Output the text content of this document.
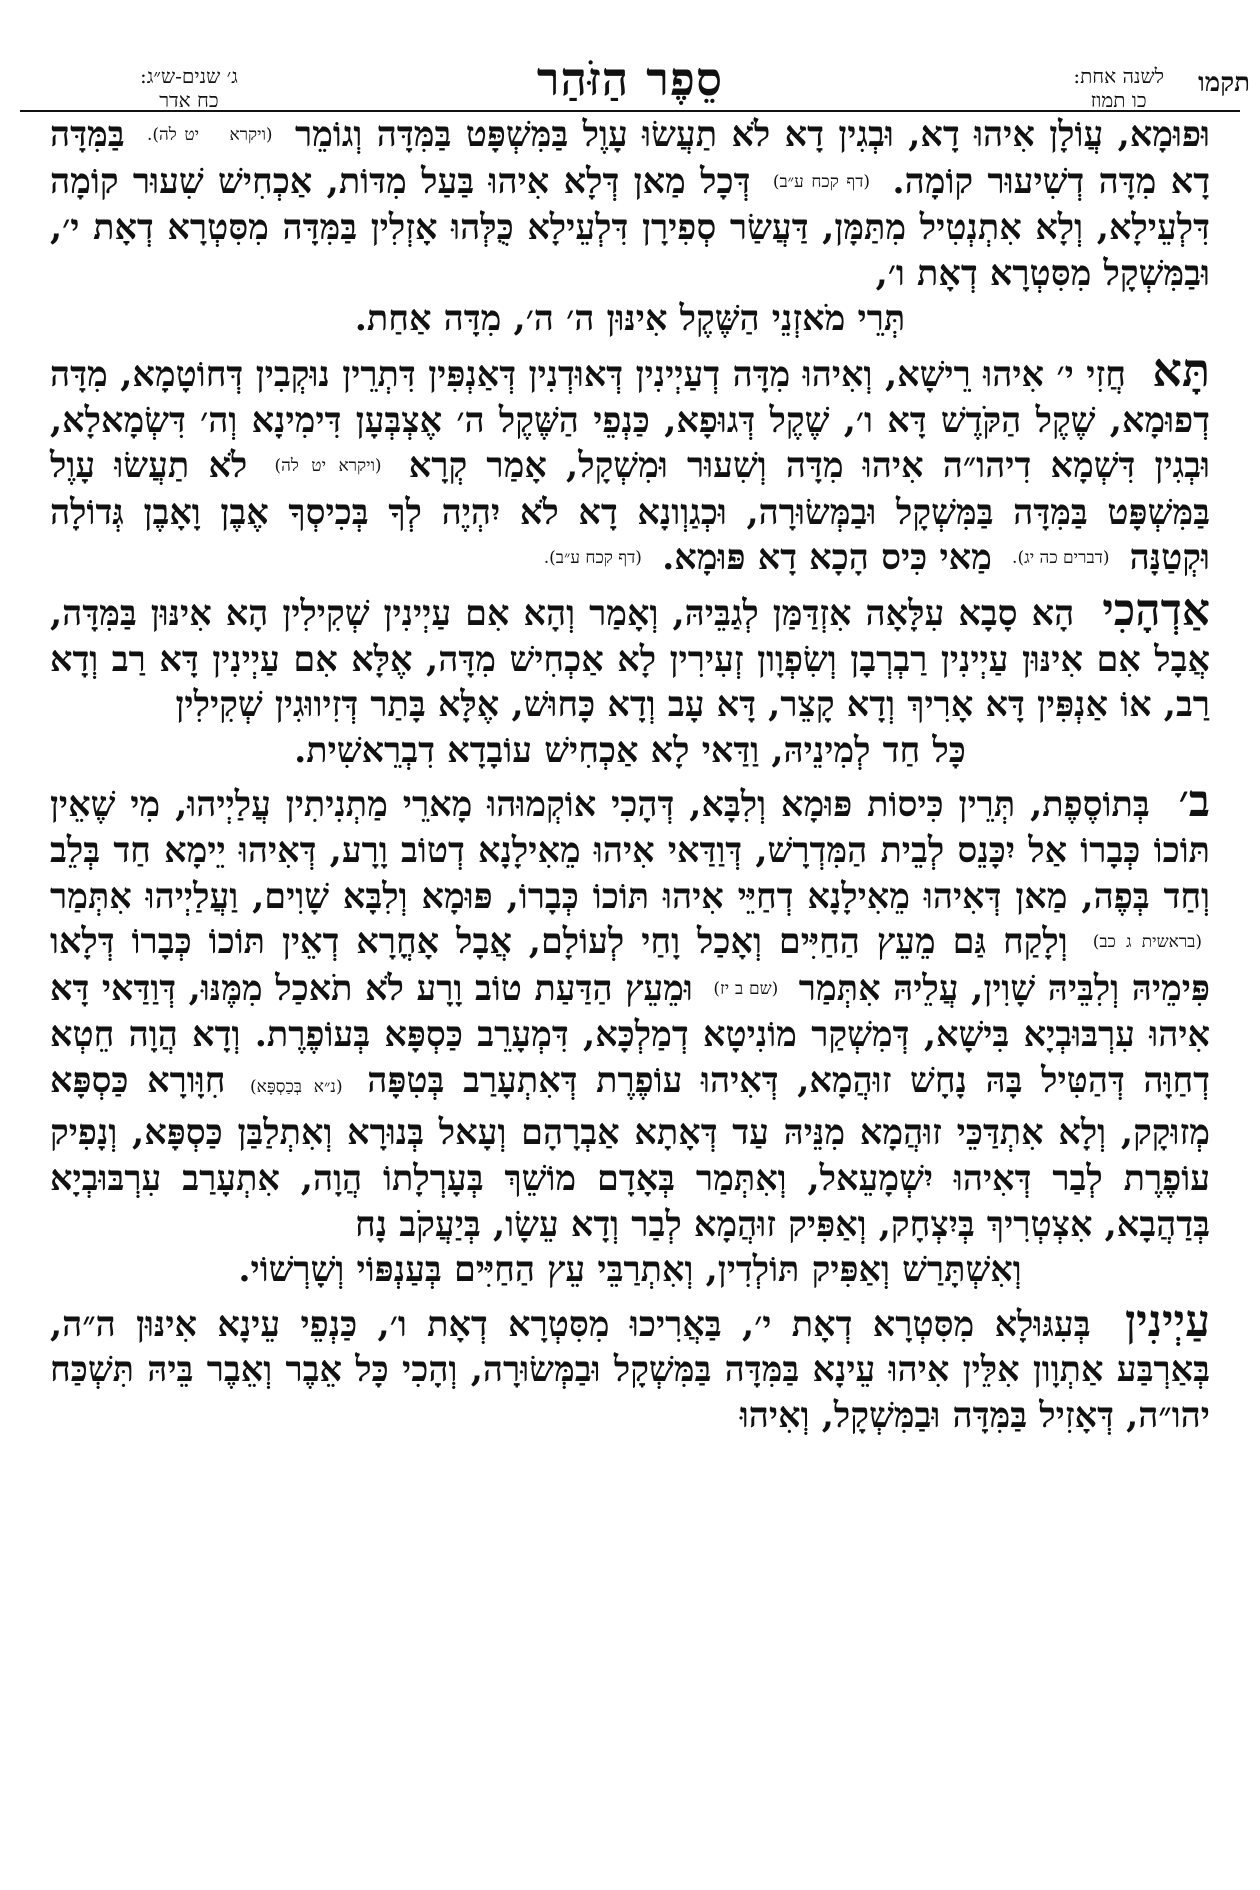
תקמו
לשנה אחת:
כו תמוז
סֵפֶר הַזֹּהַר
ג׳ שנים-ש״ג:
כח אדר

וּפוּמָא, עֲוֹלָן אִיהוּ דָא, וּבְגִין דָא לֹא תַעֲשׂוּ עָוֶל בַּמִּשְׁפָּט בַּמִּדָּה וְגוֹמֵר (ויקרא יט לה). בַּמִּדָּה דָא מִדָּה דְשִׁיעוּר קוֹמָה. (דף קכח ע״ב) דְּכָל מַאן דְּלָא אִיהוּ בַּעַל מִדּוֹת, אַכְחִישׁ שִׁעוּר קוֹמָה דִּלְעֵילָא, וְלָא אִתְנְטִיל מִתַּמָּן, דַּעֲשַׂר סְפִירָן דִּלְעֵילָא כֻּלְּהוּ אָזְלִין בַּמִּדָּה מִסִּטְרָא דְאָת י׳, וּבַמִּשְׁקָל מִסִּטְרָא דְאָת ו׳,
תְּרֵי מֹאזְנֵי הַשֶּׁקֶל אִינּוּן ה׳ ה׳, מִדָּה אַחַת.

תָּא חֲזִי י׳ אִיהוּ רֵישָׁא, וְאִיהוּ מִדָּה דְעַיְינִין דְּאוּדְנִין דְּאַנְפִּין דִּתְרֵין נוּקְבִין דְּחוֹטָמָא, מִדָּה דְפוּמָא, שֶׁקֶל הַקֹּדֶשׁ דָּא ו׳, שֶׁקֶל דְּגוּפָא, כַּנְפֵי הַשֶּׁקֶל ה׳ אֶצְבְּעָן דִּימִינָא וְה׳ דִּשְׂמָאלָא, וּבְגִין דִּשְׁמָא דִיהו״ה אִיהוּ מִדָּה וְשִׁעוּר וּמִשְׁקָל, אָמַר קְרָא (ויקרא יט לה) לֹא תַעֲשׂוּ עָוֶל בַּמִּשְׁפָּט בַּמִּדָּה בַּמִּשְׁקָל וּבַמְּשׂוּרָה, וּכְגַוְונָא דָא לֹא יִהְיֶה לְךָ בְּכִיסְךָ אֶבֶן וָאָבֶן גְּדוֹלָה וּקְטַנָּה (דברים כה יג). מַאי כִּיס הָכָא דָא פּוּמָא. (דף קכח ע״ב).

אַדְהָכִי הָא סָבָא עִלָּאָה אִזְדַּמַּן לְגַבֵּיהּ, וְאָמַר וְהָא אִם עַיְינִין שְׁקִילִין הָא אִינּוּן בַּמִּדָּה, אֲבָל אִם אִינּוּן עַיְינִין רַבְרְבָן וְשִׂפְוָון זְעִירִין לָא אַכְחִישׁ מִדָּה, אֶלָּא אִם עַיְינִין דָּא רַב וְדָא רַב, אוֹ אַנְפִּין דָּא אָרִיךְ וְדָא קָצֵר, דָּא עָב וְדָא כָּחוּשׁ, אֶלָּא בָּתַר דְּזִיווּגִין שְׁקִילִין
כָּל חַד לְמִינֵיהּ, וַדַּאי לָא אַכְחִישׁ עוֹבָדָא דִבְרֵאשִׁית.

ב׳ בְּתוֹסֶפֶת, תְּרֵין כִּיסוֹת פּוּמָא וְלִבָּא, דְּהָכִי אוֹקְמוּהוּ מָארֵי מַתְנִיתִין עֲלַיְיהוּ, מִי שֶׁאֵין תּוֹכוֹ כְּבָרוֹ אַל יִכָּנֵס לְבֵית הַמִּדְרָשׁ, דְּוַדַּאי אִיהוּ מֵאִילָנָא דְטוֹב וָרָע, דְּאִיהוּ יֵימָא חַד בְּלֵב וְחַד בְּפֶה, מַאן דְּאִיהוּ מֵאִילָנָא דְחַיֵּי אִיהוּ תּוֹכוֹ כְּבָרוֹ, פּוּמָא וְלִבָּא שָׁוִים, וַעֲלַיְיהוּ אִתְּמַר (בראשית ג כב) וְלָקַח גַּם מֵעֵץ הַחַיִּים וְאָכַל וָחַי לְעוֹלָם, אֲבָל אָחֳרָא דְאֵין תּוֹכוֹ כְּבָרוֹ דְּלָאו פִּימֵיהּ וְלִבֵּיהּ שָׁוִין, עֲלֵיהּ אִתְּמַר (שם ב יז) וּמֵעֵץ הַדַּעַת טוֹב וָרָע לֹא תֹאכַל מִמֶּנּוּ, דְּוַדַּאי דָּא אִיהוּ עִרְבּוּבְיָא בִּישָׁא, דְּמִשְׁקַר מוֹנִיטָא דְמַלְכָּא, דִּמְעָרֵב כַּסְפָּא בְּעוֹפֶרֶת. וְדָא הֲוָה חֵטְא דְחַוָּה דְּהַטִּיל בָּהּ נָחָשׁ זוּהֲמָא, דְּאִיהוּ עוֹפֶרֶת דְּאִתְעָרַב בְּטִפָּה (נ״א בְּכַסְפָּא) חִוָּורָא כַּסְפָּא מְזוּקָק, וְלָא אִתְדַּכֵּי זוּהֲמָא מִנֵּיהּ עַד דְּאָתָא אַבְרָהָם וְעָאל בְּנוּרָא וְאִתְלַבַּן כַּסְפָּא, וְנָפִיק עוֹפֶרֶת לְבַר דְּאִיהוּ יִשְׁמָעֵאל, וְאִתְּמַר בְּאָדָם מוֹשֵׁךְ בְּעָרְלָתוֹ הֲוָה, אִתְעָרַב עִרְבּוּבְיָא בְּדַהֲבָא, אִצְטְרִיךְ בְּיִצְחָק, וְאַפִּיק זוּהֲמָא לְבַר וְדָא עֵשָׂו, בְּיַעֲקֹב נָח
וְאִשְׁתָּרַשׁ וְאַפִּיק תּוֹלְדִין, וְאִתְרַבֵּי עֵץ הַחַיִּים בְּעַנְפּוֹי וְשָׁרְשׁוֹי.

עַיְינִין בְּעִגּוּלָא מִסִּטְרָא דְאָת י׳, בַּאֲרִיכוּ מִסִּטְרָא דְאָת ו׳, כַּנְפֵי עֵינָא אִינּוּן ה״ה, בְּאַרְבַּע אַתְוָון אִלֵּין אִיהוּ עֵינָא בַּמִּדָּה בַּמִּשְׁקָל וּבַמְּשׂוּרָה, וְהָכִי כָּל אֵבֶר וְאֵבֶר בֵּיהּ תִּשְׁכַּח יהו״ה, דְּאָזִיל בַּמִּדָּה וּבַמִּשְׁקָל, וְאִיהוּ
